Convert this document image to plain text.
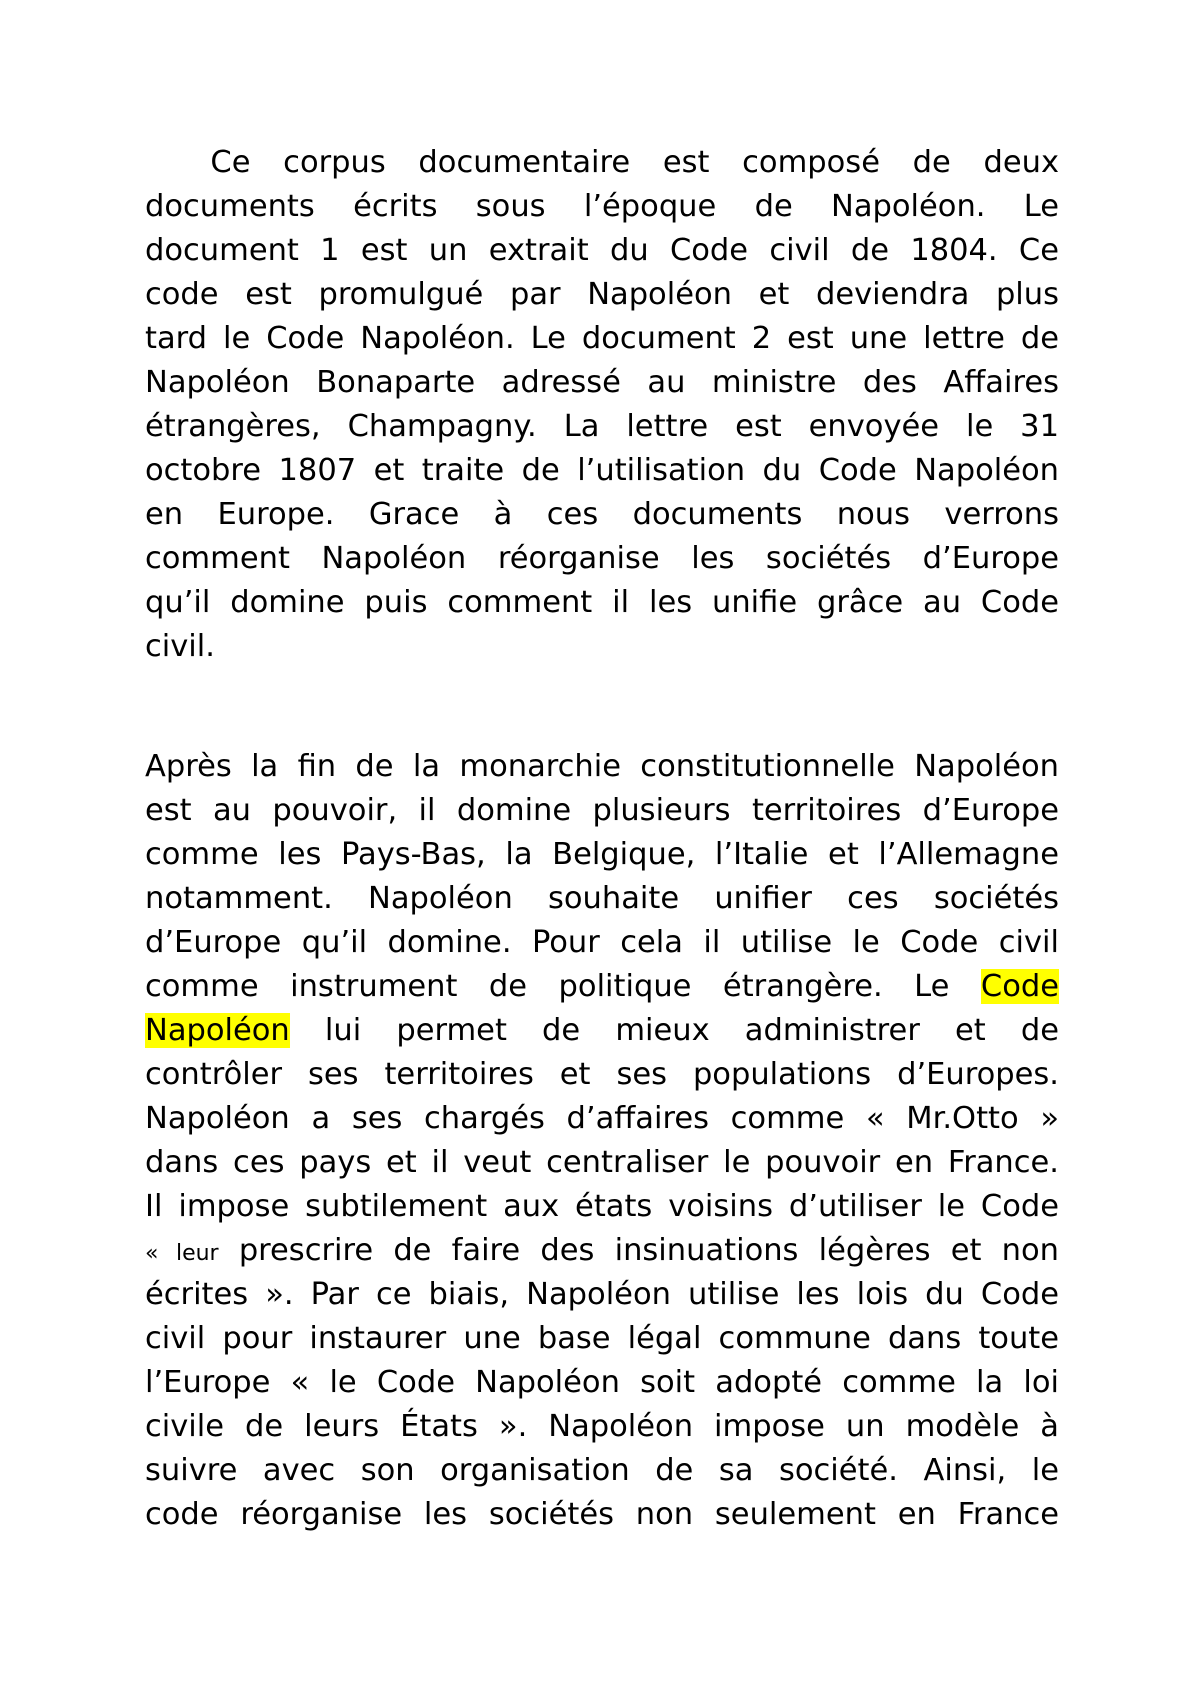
Ce corpus documentaire est composé de deux
documents écrits sous l’époque de Napoléon. Le
document 1 est un extrait du Code civil de 1804. Ce
code est promulgué par Napoléon et deviendra plus
tard le Code Napoléon. Le document 2 est une lettre de
Napoléon Bonaparte adressé au ministre des Affaires
étrangères, Champagny. La lettre est envoyée le 31
octobre 1807 et traite de l’utilisation du Code Napoléon
en Europe. Grace à ces documents nous verrons
comment Napoléon réorganise les sociétés d’Europe
qu’il domine puis comment il les unifie grâce au Code
civil.
Après la fin de la monarchie constitutionnelle Napoléon
est au pouvoir, il domine plusieurs territoires d’Europe
comme les Pays-Bas, la Belgique, l’Italie et l’Allemagne
notamment. Napoléon souhaite unifier ces sociétés
d’Europe qu’il domine. Pour cela il utilise le Code civil
comme instrument de politique étrangère. Le Code
Napoléon lui permet de mieux administrer et de
contrôler ses territoires et ses populations d’Europes.
Napoléon a ses chargés d’affaires comme « Mr.Otto »
dans ces pays et il veut centraliser le pouvoir en France.
Il impose subtilement aux états voisins d’utiliser le Code
« leur prescrire de faire des insinuations légères et non
écrites ». Par ce biais, Napoléon utilise les lois du Code
civil pour instaurer une base légal commune dans toute
l’Europe « le Code Napoléon soit adopté comme la loi
civile de leurs États ». Napoléon impose un modèle à
suivre avec son organisation de sa société. Ainsi, le
code réorganise les sociétés non seulement en France
